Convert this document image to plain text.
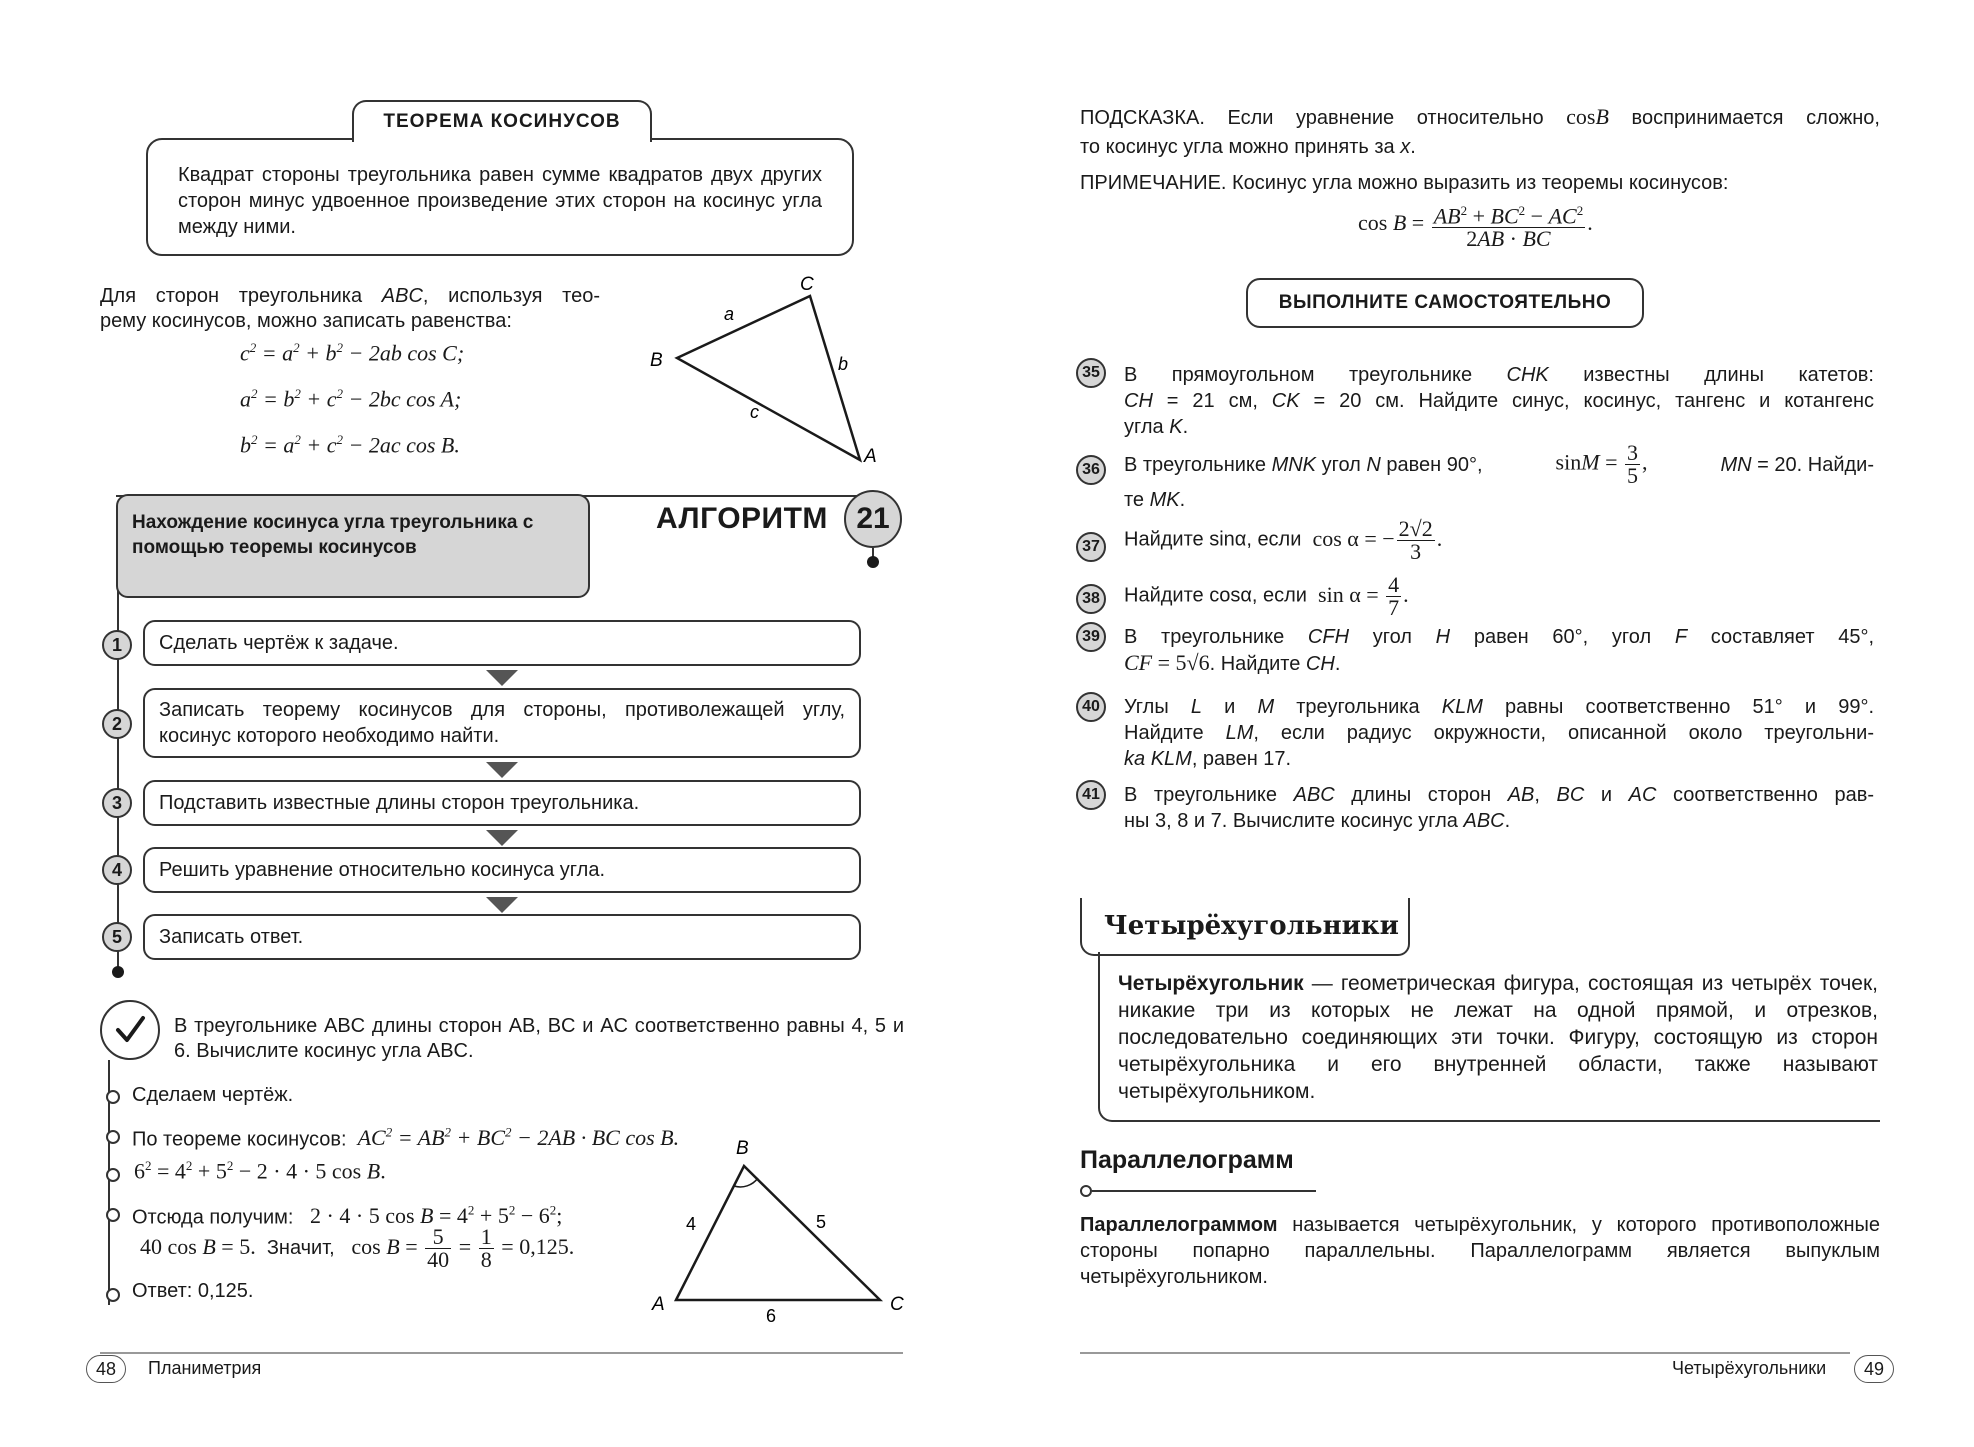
ТЕОРЕМА КОСИНУСОВ
Квадрат стороны треугольника равен сумме квадратов двух других сторон минус удвоенное произведение этих сторон на косинус угла между ними.
Для сторон треугольника ABC, используя тео-
рему косинусов, можно записать равенства:
$c^2 = a^2 + b^2 - 2ab$ cos C;
$a^2 = b^2 + c^2 - 2bc$ cos A;
$b^2 = a^2 + c^2 - 2ac$ cos B.
C
B
A
a
b
c
Нахождение косинуса угла треугольника с помощью теоремы косинусов
АЛГОРИТМ 21
1	Сделать чертёж к задаче.
2
Записать теорему косинусов для стороны, противолежащей углу, косинус которого необходимо найти.
3	Подставить известные длины сторон треугольника.
4	Решить уравнение относительно косинуса угла.
5	Записать ответ.
В треугольнике ABC длины сторон AB, BC и AC соответственно равны 4, 5 и 6. Вычислите косинус угла ABC.
Сделаем чертёж.
По теореме косинусов:  $AC^2 = AB^2 + BC^2 - 2AB$ · BC cos B.
$6^2 = 4^2 + 5^2 - 2 \cdot 4 \cdot 5$ cos B.
Отсюда получим:   2 · 4 · 5 $\cos B = 4^2 + 5^2 - 6^2$;
40 cos B = 5. Значит, $\cos B = \frac{5}{40} = \frac{1}{8} = 0,125$.
Ответ: 0,125.
B
A	C
4	5
6
48	Планиметрия
ПОДСКАЗКА. Если уравнение относительно cosB воспринимается сложно,
то косинус угла можно принять за x.
ПРИМЕЧАНИЕ. Косинус угла можно выразить из теоремы косинусов:
$\cos B = \frac{AB^2 + BC^2 - AC^2}{2AB \cdot BC}$ .
ВЫПОЛНИТЕ САМОСТОЯТЕЛЬНО
35	В прямоугольном треугольнике CHK известны длины катетов:
CH = 21 см, CK = 20 см. Найдите синус, косинус, тангенс и котангенс
угла K.
36	В треугольнике MNK угол N равен 90°,	$\sin M = \frac{3}{5}$ ,	MN = 20. Найди-
те MK.
37	Найдите sinα, если  cos α = − $\frac{2√2}{3}$ .
38	Найдите cosα, если  $\sin \alpha = \frac{4}{7}$ .
39	В треугольнике CFH угол H равен 60°, угол F составляет 45°,
CF = 5√6. Найдите CH.
40	Углы L и M треугольника KLM равны соответственно 51° и 99°.
Найдите LM, если радиус окружности, описанной около треугольни-
ka KLM, равен 17.
41	В треугольнике ABC длины сторон AB, BC и AC соответственно рав-
ны 3, 8 и 7. Вычислите косинус угла ABC.
Четырёхугольники
Четырёхугольник — геометрическая фигура, состоящая из четырёх точек, никакие три из которых не лежат на одной прямой, и отрезков, последовательно соединяющих эти точки. Фигуру, состоящую из сторон четырёхугольника и его внутренней области, также называют четырёхугольником.
Параллелограмм
Параллелограммом называется четырёхугольник, у которого противоположные стороны попарно параллельны. Параллелограмм является выпуклым четырёхугольником.
Четырёхугольники	49
